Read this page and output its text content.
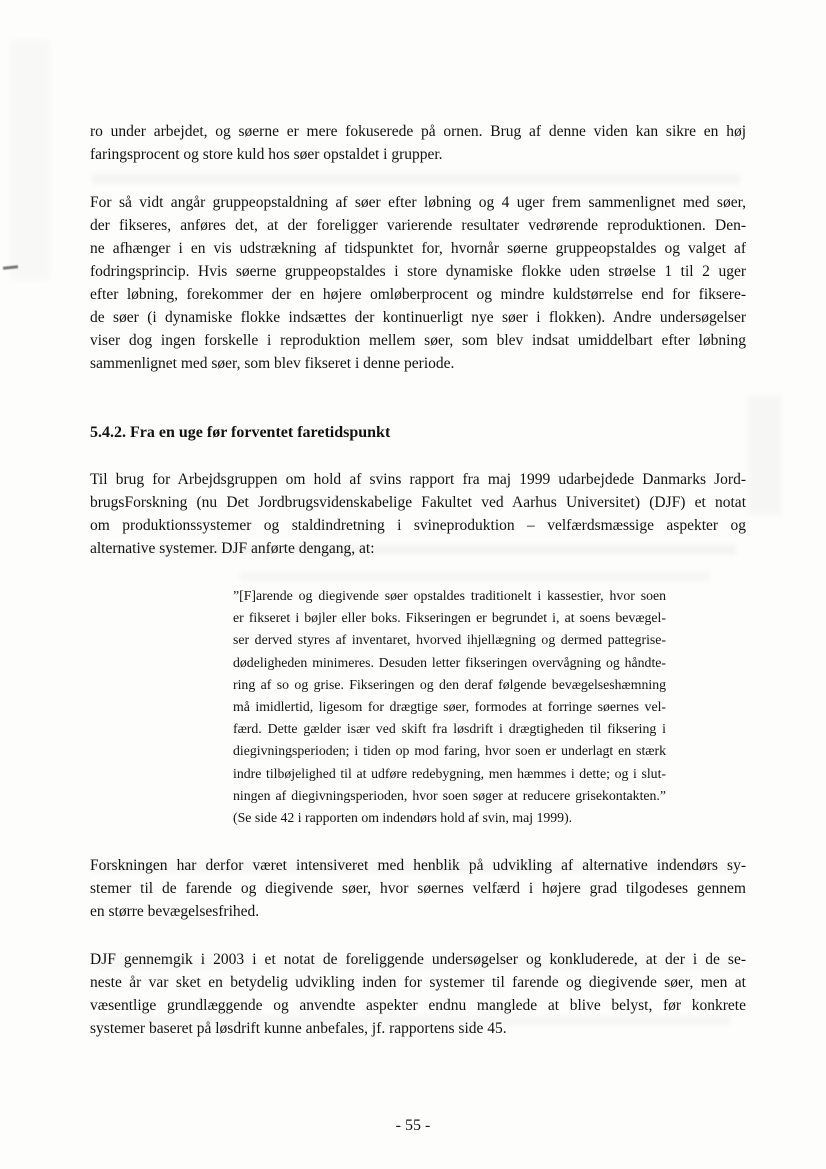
ro under arbejdet, og søerne er mere fokuserede på ornen. Brug af denne viden kan sikre en høj
faringsprocent og store kuld hos søer opstaldet i grupper.
For så vidt angår gruppeopstaldning af søer efter løbning og 4 uger frem sammenlignet med søer,
der fikseres, anføres det, at der foreligger varierende resultater vedrørende reproduktionen. Den-
ne afhænger i en vis udstrækning af tidspunktet for, hvornår søerne gruppeopstaldes og valget af
fodringsprincip. Hvis søerne gruppeopstaldes i store dynamiske flokke uden strøelse 1 til 2 uger
efter løbning, forekommer der en højere omløberprocent og mindre kuldstørrelse end for fiksere-
de søer (i dynamiske flokke indsættes der kontinuerligt nye søer i flokken). Andre undersøgelser
viser dog ingen forskelle i reproduktion mellem søer, som blev indsat umiddelbart efter løbning
sammenlignet med søer, som blev fikseret i denne periode.
5.4.2. Fra en uge før forventet faretidspunkt
Til brug for Arbejdsgruppen om hold af svins rapport fra maj 1999 udarbejdede Danmarks Jord-
brugsForskning (nu Det Jordbrugsvidenskabelige Fakultet ved Aarhus Universitet) (DJF) et notat
om produktionssystemer og staldindretning i svineproduktion – velfærdsmæssige aspekter og
alternative systemer. DJF anførte dengang, at:
”[F]arende og diegivende søer opstaldes traditionelt i kassestier, hvor soen
er fikseret i bøjler eller boks. Fikseringen er begrundet i, at soens bevægel-
ser derved styres af inventaret, hvorved ihjellægning og dermed pattegrise-
dødeligheden minimeres. Desuden letter fikseringen overvågning og håndte-
ring af so og grise. Fikseringen og den deraf følgende bevægelseshæmning
må imidlertid, ligesom for drægtige søer, formodes at forringe søernes vel-
færd. Dette gælder især ved skift fra løsdrift i drægtigheden til fiksering i
diegivningsperioden; i tiden op mod faring, hvor soen er underlagt en stærk
indre tilbøjelighed til at udføre redebygning, men hæmmes i dette; og i slut-
ningen af diegivningsperioden, hvor soen søger at reducere grisekontakten.”
(Se side 42 i rapporten om indendørs hold af svin, maj 1999).
Forskningen har derfor været intensiveret med henblik på udvikling af alternative indendørs sy-
stemer til de farende og diegivende søer, hvor søernes velfærd i højere grad tilgodeses gennem
en større bevægelsesfrihed.
DJF gennemgik i 2003 i et notat de foreliggende undersøgelser og konkluderede, at der i de se-
neste år var sket en betydelig udvikling inden for systemer til farende og diegivende søer, men at
væsentlige grundlæggende og anvendte aspekter endnu manglede at blive belyst, før konkrete
systemer baseret på løsdrift kunne anbefales, jf. rapportens side 45.
- 55 -
